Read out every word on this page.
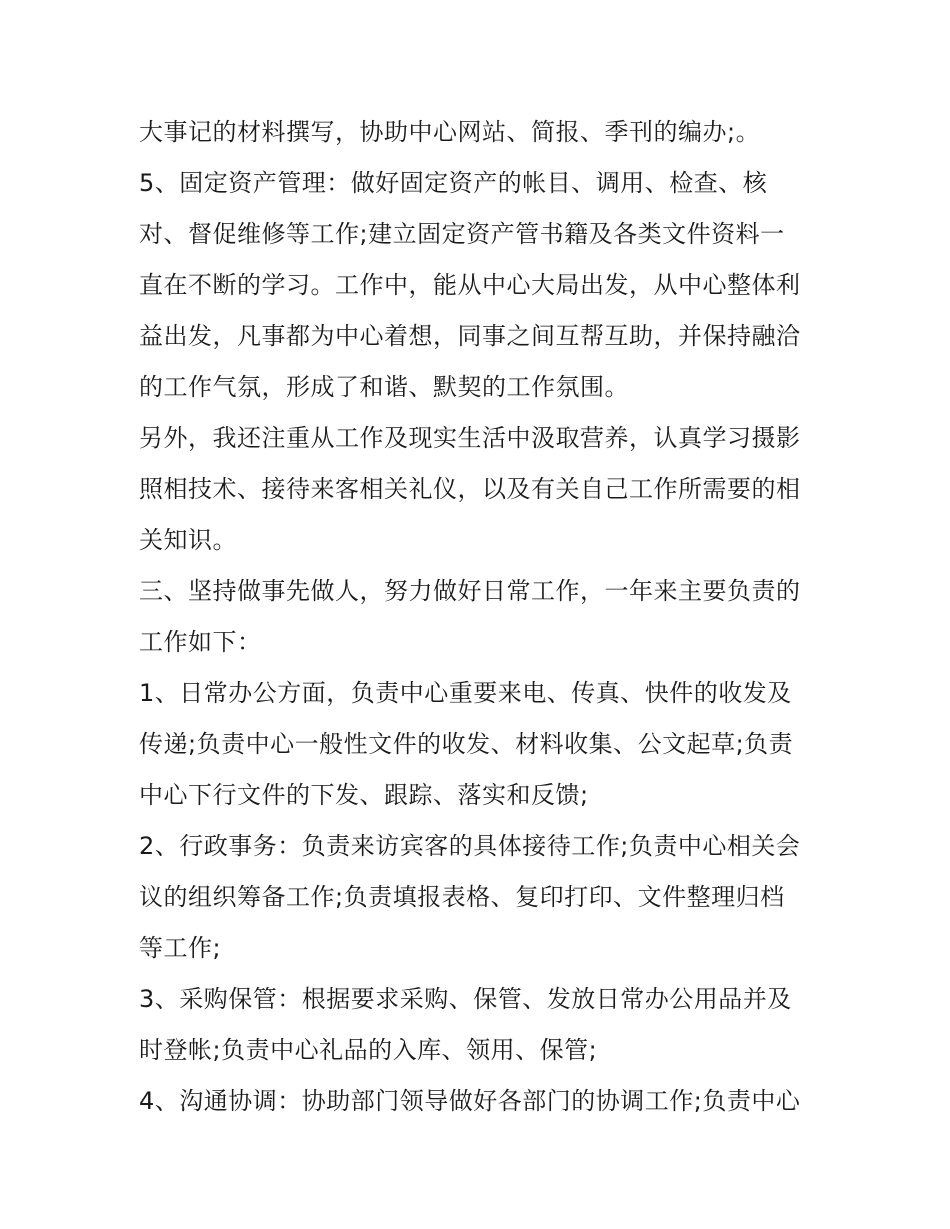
大事记的材料撰写，协助中心网站、简报、季刊的编办;。
5、固定资产管理：做好固定资产的帐目、调用、检查、核
对、督促维修等工作;建立固定资产管书籍及各类文件资料一
直在不断的学习。工作中，能从中心大局出发，从中心整体利
益出发，凡事都为中心着想，同事之间互帮互助，并保持融洽
的工作气氛，形成了和谐、默契的工作氛围。
另外，我还注重从工作及现实生活中汲取营养，认真学习摄影
照相技术、接待来客相关礼仪，以及有关自己工作所需要的相
关知识。
三、坚持做事先做人，努力做好日常工作，一年来主要负责的
工作如下：
1、日常办公方面，负责中心重要来电、传真、快件的收发及
传递;负责中心一般性文件的收发、材料收集、公文起草;负责
中心下行文件的下发、跟踪、落实和反馈;
2、行政事务：负责来访宾客的具体接待工作;负责中心相关会
议的组织筹备工作;负责填报表格、复印打印、文件整理归档
等工作;
3、采购保管：根据要求采购、保管、发放日常办公用品并及
时登帐;负责中心礼品的入库、领用、保管;
4、沟通协调：协助部门领导做好各部门的协调工作;负责中心
